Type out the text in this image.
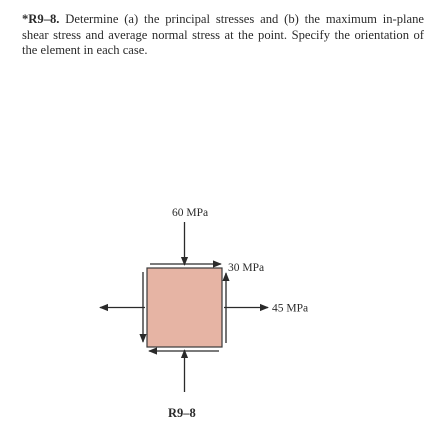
*R9–8. Determine (a) the principal stresses and (b) the maximum in-plane shear stress and average normal stress at the point. Specify the orientation of the element in each case.

60 MPa
30 MPa
45 MPa
R9–8
